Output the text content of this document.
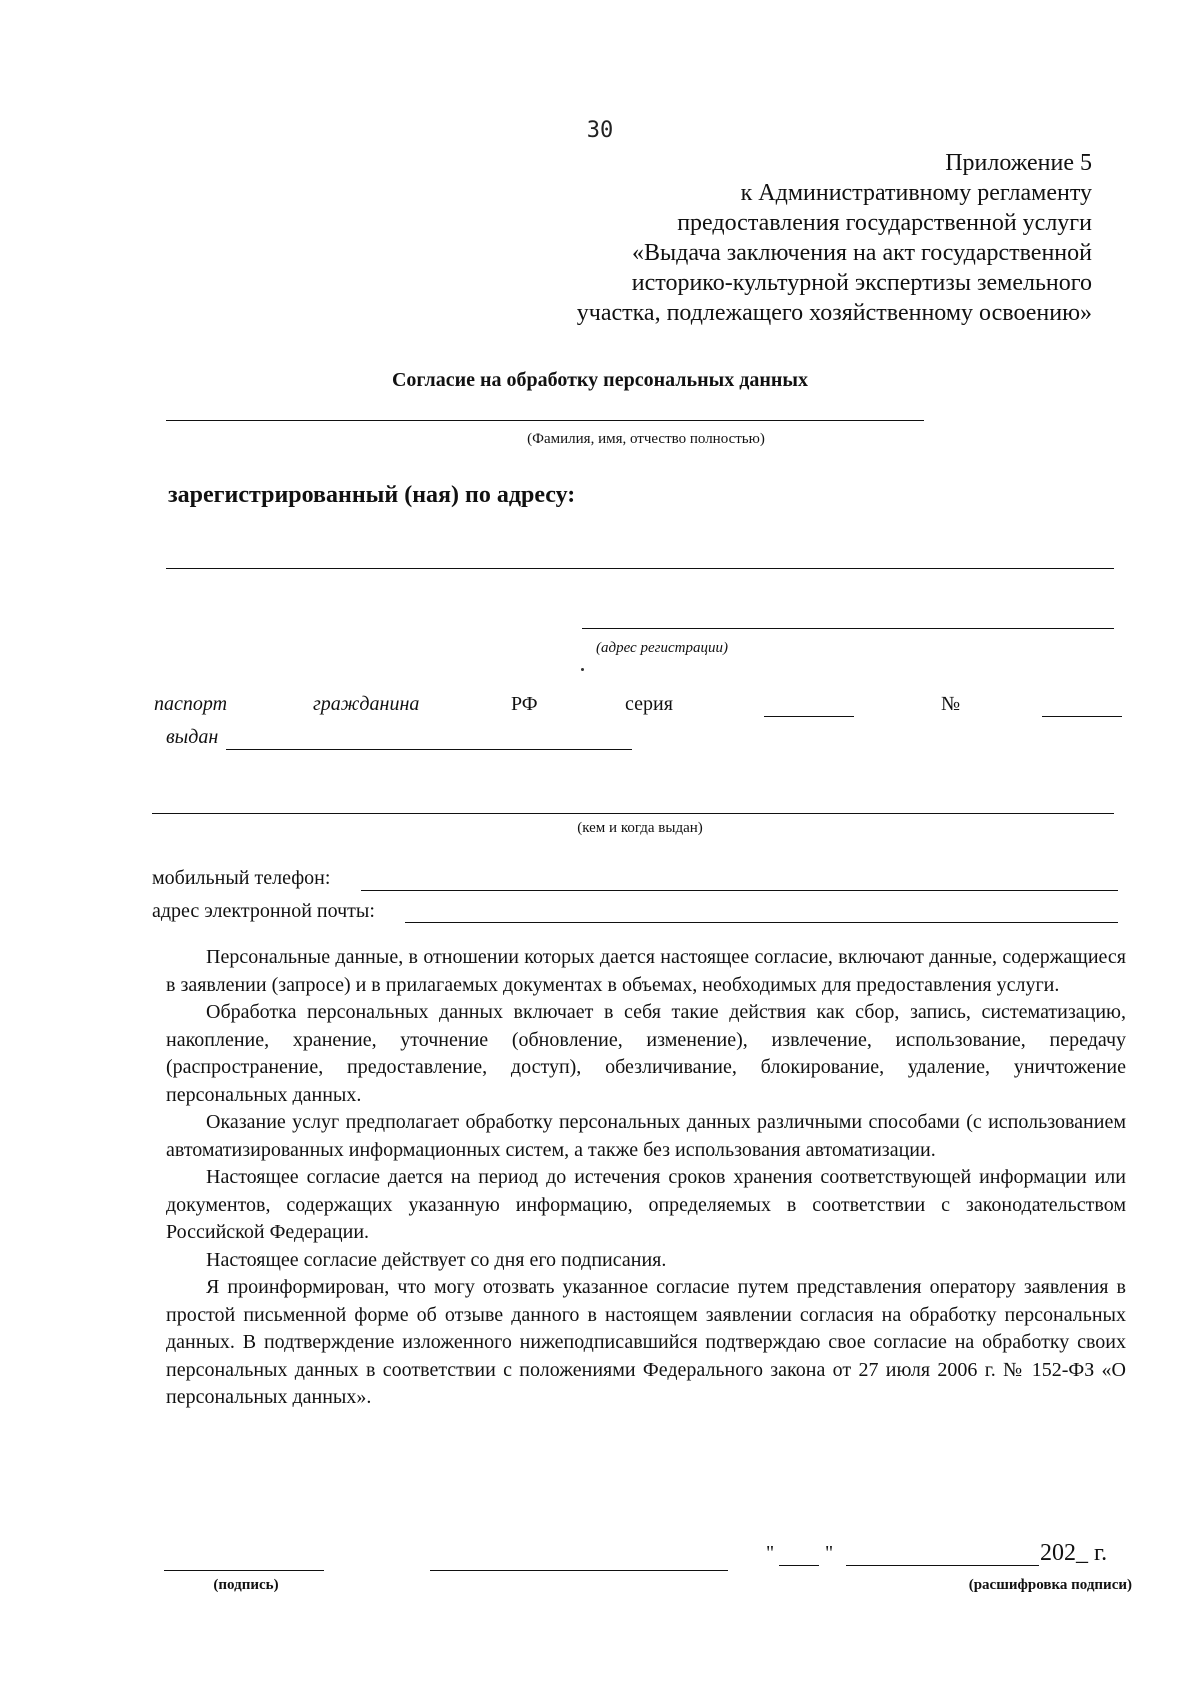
30
Приложение 5
к Административному регламенту
предоставления государственной услуги
«Выдача заключения на акт государственной
историко-культурной экспертизы земельного
участка, подлежащего хозяйственному освоению»
Согласие на обработку персональных данных
(Фамилия, имя, отчество полностью)
зарегистрированный (ная) по адресу:
(адрес регистрации)
паспорт	гражданина	РФ	серия	№
выдан
(кем и когда выдан)
мобильный телефон:
адрес электронной почты:

Персональные данные, в отношении которых дается настоящее согласие, включают данные, содержащиеся в заявлении (запросе) и в прилагаемых документах в объемах, необходимых для предоставления услуги.

Обработка персональных данных включает в себя такие действия как сбор, запись, систематизацию, накопление, хранение, уточнение (обновление, изменение), извлечение, использование, передачу (распространение, предоставление, доступ), обезличивание, блокирование, удаление, уничтожение персональных данных.

Оказание услуг предполагает обработку персональных данных различными способами (с использованием автоматизированных информационных систем, а также без использования автоматизации.

Настоящее согласие дается на период до истечения сроков хранения соответствующей информации или документов, содержащих указанную информацию, определяемых в соответствии с законодательством Российской Федерации.

Настоящее согласие действует со дня его подписания.

Я проинформирован, что могу отозвать указанное согласие путем представления оператору заявления в простой письменной форме об отзыве данного в настоящем заявлении согласия на обработку персональных данных. В подтверждение изложенного нижеподписавшийся подтверждаю свое согласие на обработку своих персональных данных в соответствии с положениями Федерального закона от 27 июля 2006 г. № 152-ФЗ «О персональных данных».

(подпись)
"	"	202_ г.
(расшифровка подписи)
